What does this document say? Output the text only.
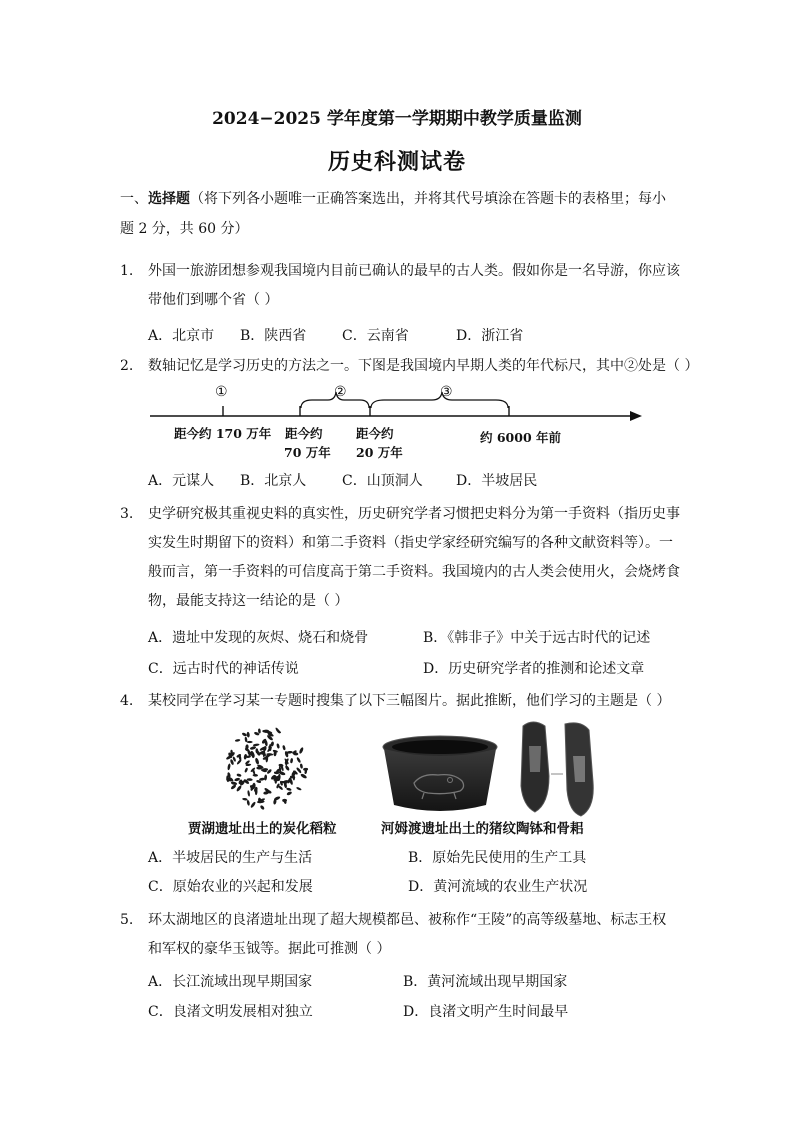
2024−2025 学年度第一学期期中教学质量监测
历史科测试卷
一、选择题（将下列各小题唯一正确答案选出，并将其代号填涂在答题卡的表格里；每小
题 2 分，共 60 分）
1.	外国一旅游团想参观我国境内目前已确认的最早的古人类。假如你是一名导游，你应该
带他们到哪个省（ ）
A．北京市 B．陕西省	C．云南省	D．浙江省
2.	数轴记忆是学习历史的方法之一。下图是我国境内早期人类的年代标尺，其中②处是（ ）
①	②	③
距今约 170 万年 距今约
70 万年
距今约
20 万年
约 6000 年前
A．元谋人 B．北京人	C．山顶洞人 D．半坡居民
3.	史学研究极其重视史料的真实性，历史研究学者习惯把史料分为第一手资料（指历史事
实发生时期留下的资料）和第二手资料（指史学家经研究编写的各种文献资料等）。一
般而言，第一手资料的可信度高于第二手资料。我国境内的古人类会使用火，会烧烤食
物，最能支持这一结论的是（ ）
A．遗址中发现的灰烬、烧石和烧骨	B．《韩非子》中关于远古时代的记述
C．远古时代的神话传说	D．历史研究学者的推测和论述文章
4.	某校同学在学习某一专题时搜集了以下三幅图片。据此推断，他们学习的主题是（ ）
贾湖遗址出土的炭化稻粒	河姆渡遗址出土的猪纹陶钵和骨耜
A．半坡居民的生产与生活	B．原始先民使用的生产工具
C．原始农业的兴起和发展	D．黄河流域的农业生产状况
5.	环太湖地区的良渚遗址出现了超大规模都邑、被称作“王陵”的高等级墓地、标志王权
和军权的豪华玉钺等。据此可推测（ ）
A．长江流域出现早期国家	B．黄河流域出现早期国家
C．良渚文明发展相对独立	D．良渚文明产生时间最早
